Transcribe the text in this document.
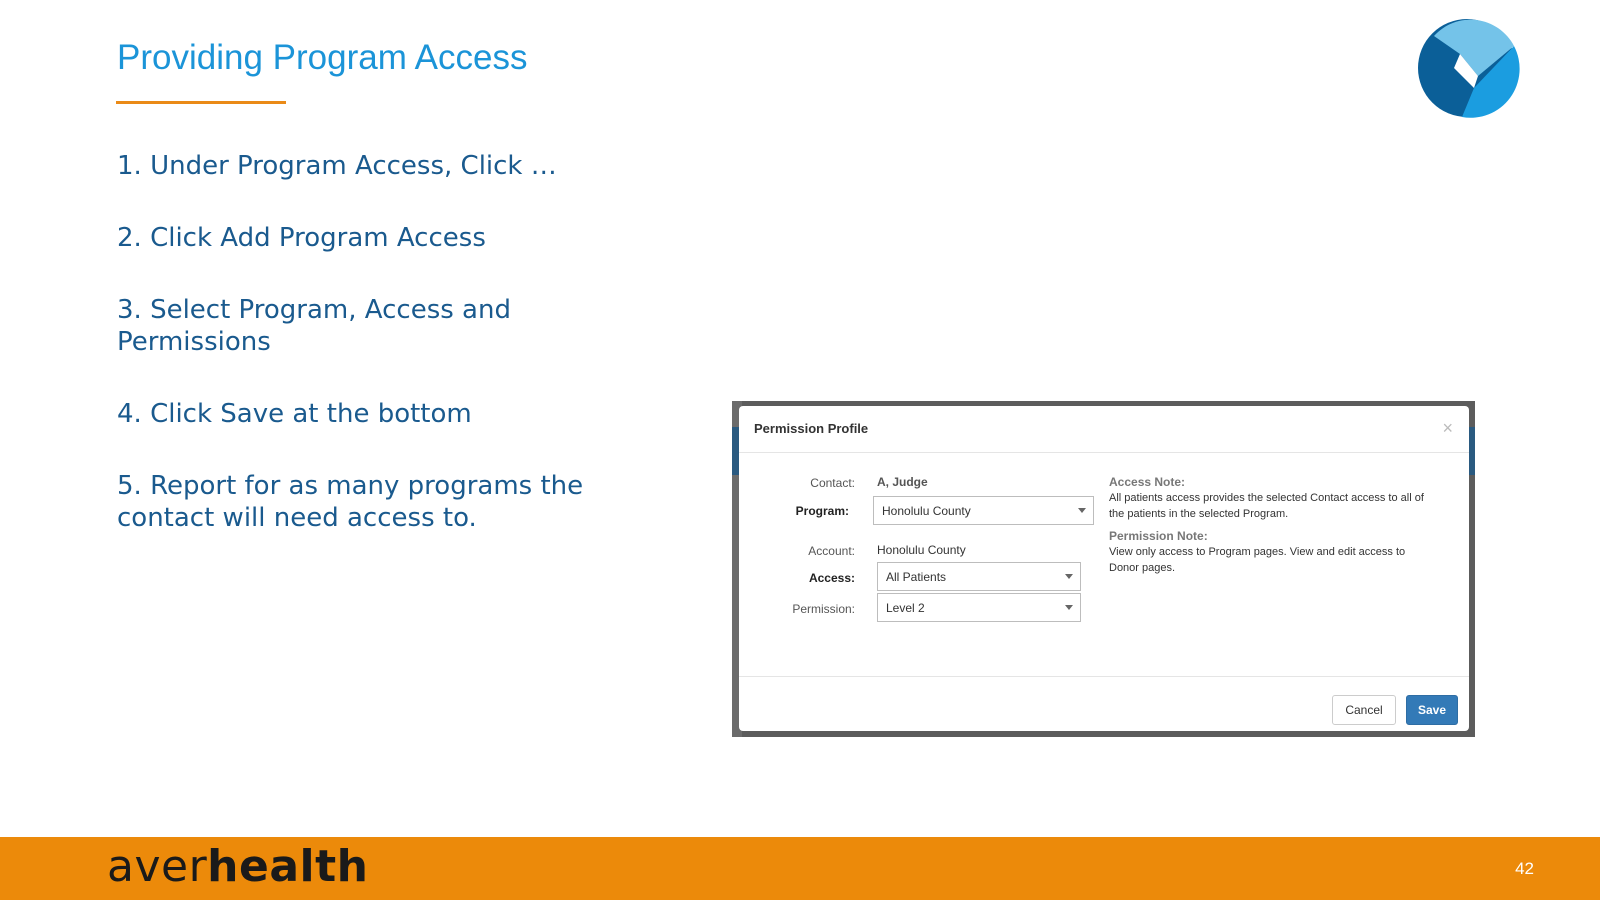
Providing Program Access

1. Under Program Access, Click …

2. Click Add Program Access

3. Select Program, Access and Permissions

4. Click Save at the bottom

5. Report for as many programs the contact will need access to.

Permission Profile	×
Contact: A, Judge
Program:	Honolulu County
Account: Honolulu County
Access:	All Patients
Permission:	Level 2
Access Note:
All patients access provides the selected Contact access to all of the patients in the selected Program.
Permission Note:
View only access to Program pages. View and edit access to Donor pages.
Cancel	Save
averhealth	42
